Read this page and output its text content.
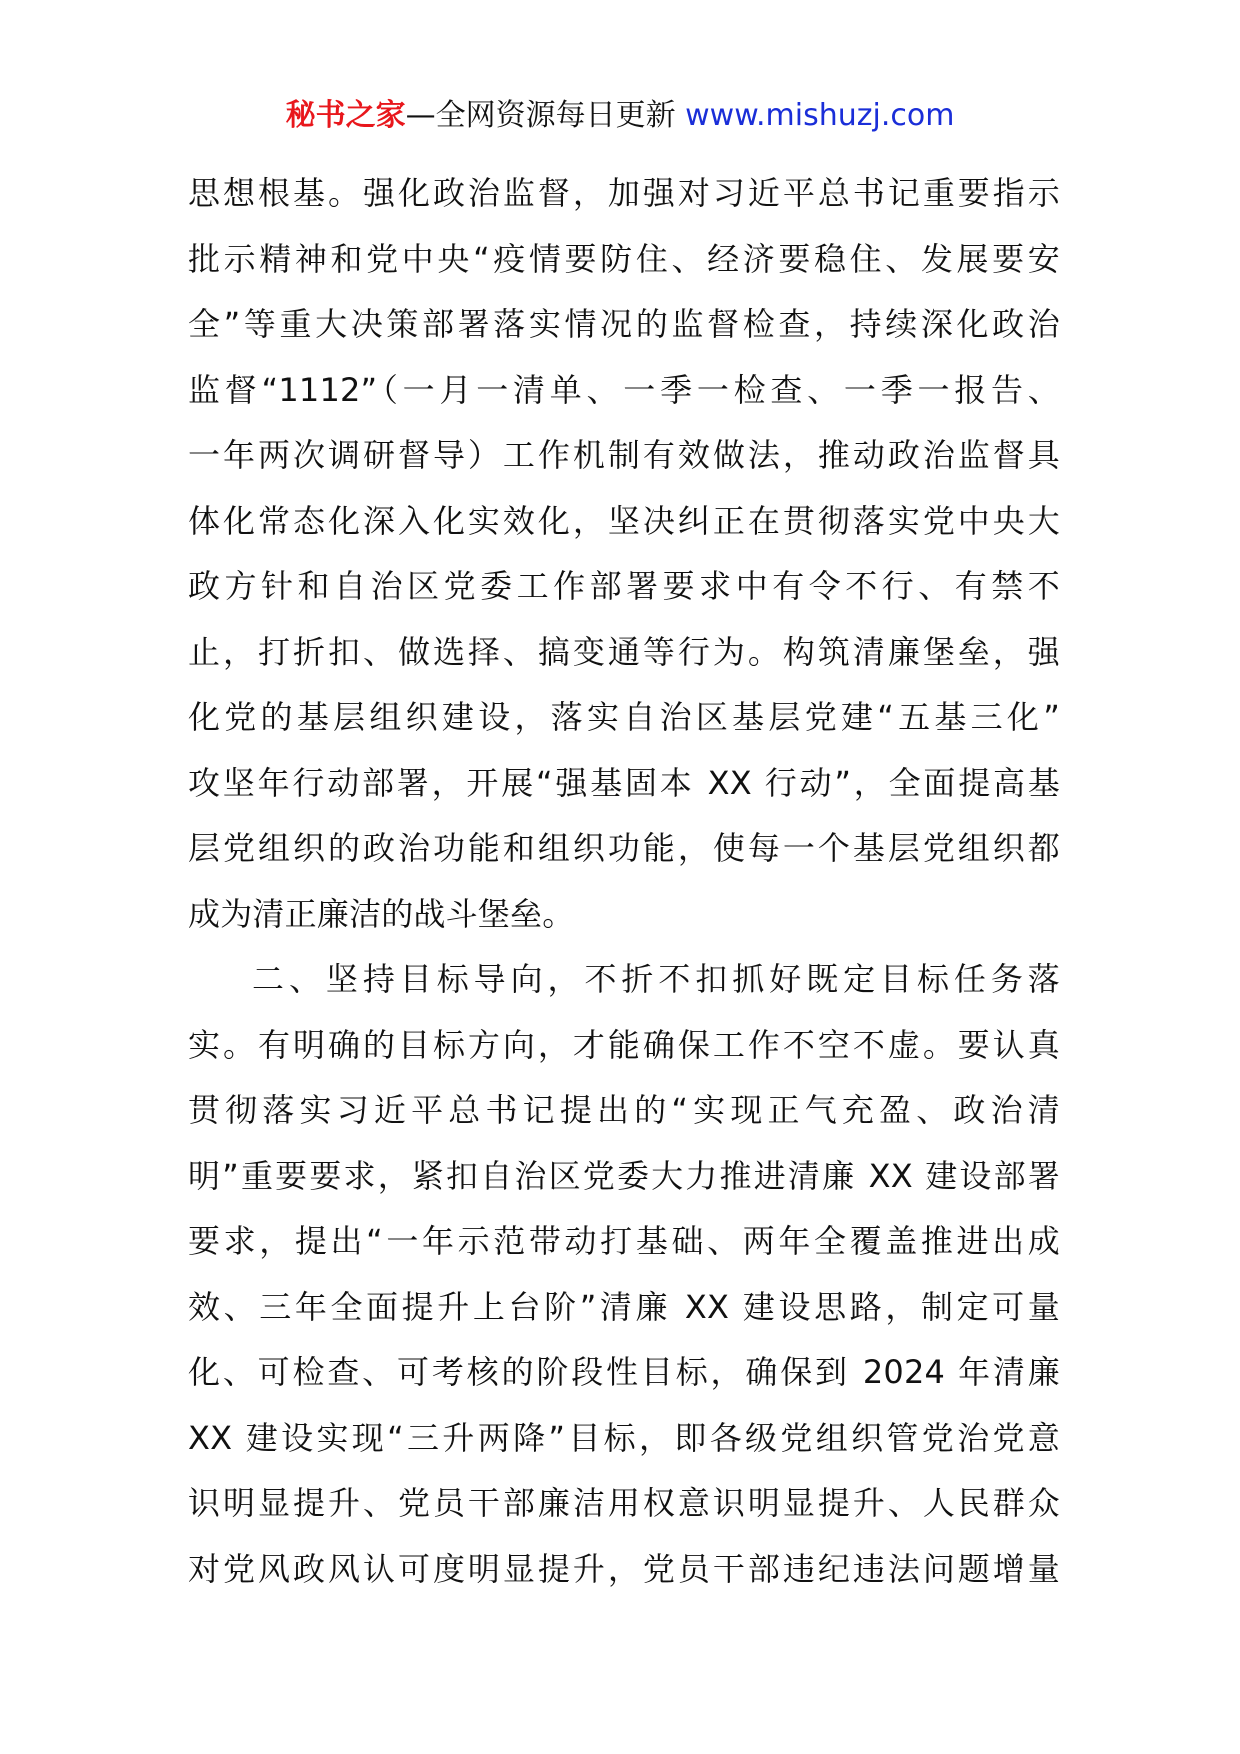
秘书之家—全网资源每日更新 www.mishuzj.com
思想根基。强化政治监督，加强对习近平总书记重要指示
批示精神和党中央“疫情要防住、经济要稳住、发展要安
全”等重大决策部署落实情况的监督检查，持续深化政治
监督“1112”（一月一清单、一季一检查、一季一报告、
一年两次调研督导）工作机制有效做法，推动政治监督具
体化常态化深入化实效化，坚决纠正在贯彻落实党中央大
政方针和自治区党委工作部署要求中有令不行、有禁不
止，打折扣、做选择、搞变通等行为。构筑清廉堡垒，强
化党的基层组织建设，落实自治区基层党建“五基三化”
攻坚年行动部署，开展“强基固本 XX 行动”，全面提高基
层党组织的政治功能和组织功能，使每一个基层党组织都
成为清正廉洁的战斗堡垒。
二、坚持目标导向，不折不扣抓好既定目标任务落
实。有明确的目标方向，才能确保工作不空不虚。要认真
贯彻落实习近平总书记提出的“实现正气充盈、政治清
明”重要要求，紧扣自治区党委大力推进清廉 XX 建设部署
要求，提出“一年示范带动打基础、两年全覆盖推进出成
效、三年全面提升上台阶”清廉 XX 建设思路，制定可量
化、可检查、可考核的阶段性目标，确保到 2024 年清廉
XX 建设实现“三升两降”目标，即各级党组织管党治党意
识明显提升、党员干部廉洁用权意识明显提升、人民群众
对党风政风认可度明显提升，党员干部违纪违法问题增量
